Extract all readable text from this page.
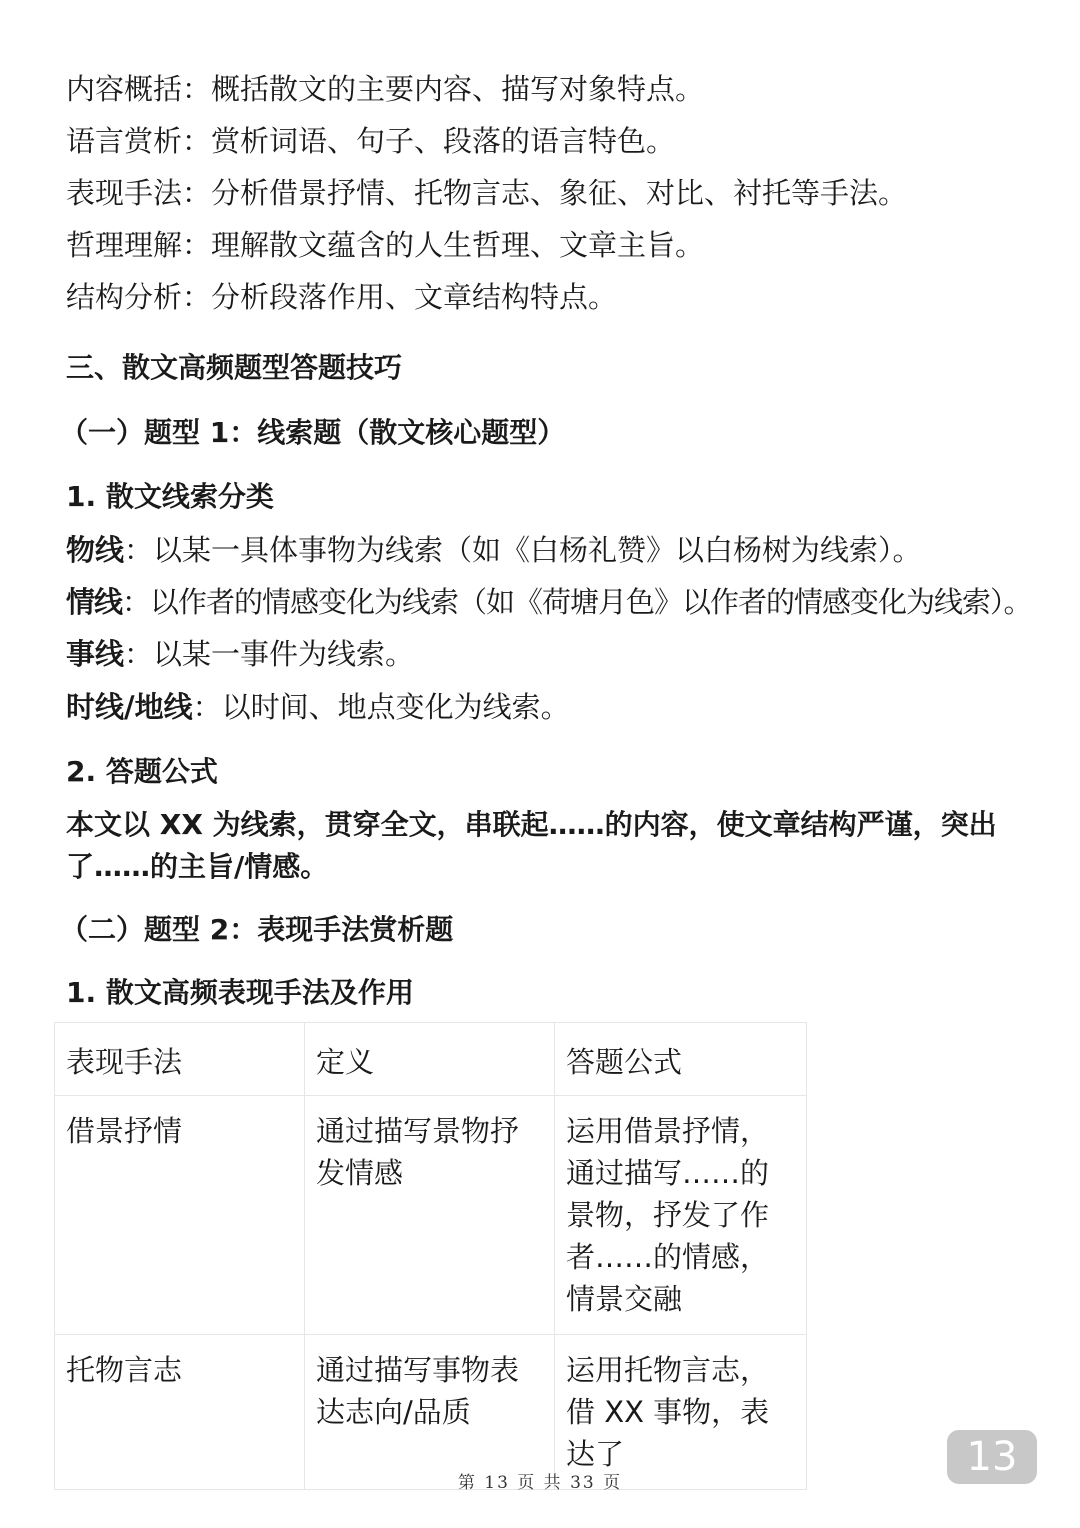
内容概括：概括散文的主要内容、描写对象特点。
语言赏析：赏析词语、句子、段落的语言特色。
表现手法：分析借景抒情、托物言志、象征、对比、衬托等手法。
哲理理解：理解散文蕴含的人生哲理、文章主旨。
结构分析：分析段落作用、文章结构特点。
三、散文高频题型答题技巧
（一）题型 1：线索题（散文核心题型）
1. 散文线索分类
物线：以某一具体事物为线索（如《白杨礼赞》以白杨树为线索）。
情线：以作者的情感变化为线索（如《荷塘月色》以作者的情感变化为线索）。
事线：以某一事件为线索。
时线/地线：以时间、地点变化为线索。
2. 答题公式
本文以 XX 为线索，贯穿全文，串联起……的内容，使文章结构严谨，突出了……的主旨/情感。
（二）题型 2：表现手法赏析题
1. 散文高频表现手法及作用
表现手法	定义	答题公式
借景抒情	通过描写景物抒发情感	运用借景抒情，通过描写……的景物，抒发了作者……的情感，情景交融
托物言志	通过描写事物表达志向/品质	运用托物言志，借 XX 事物，表达了	13
第 13 页 共 33 页
